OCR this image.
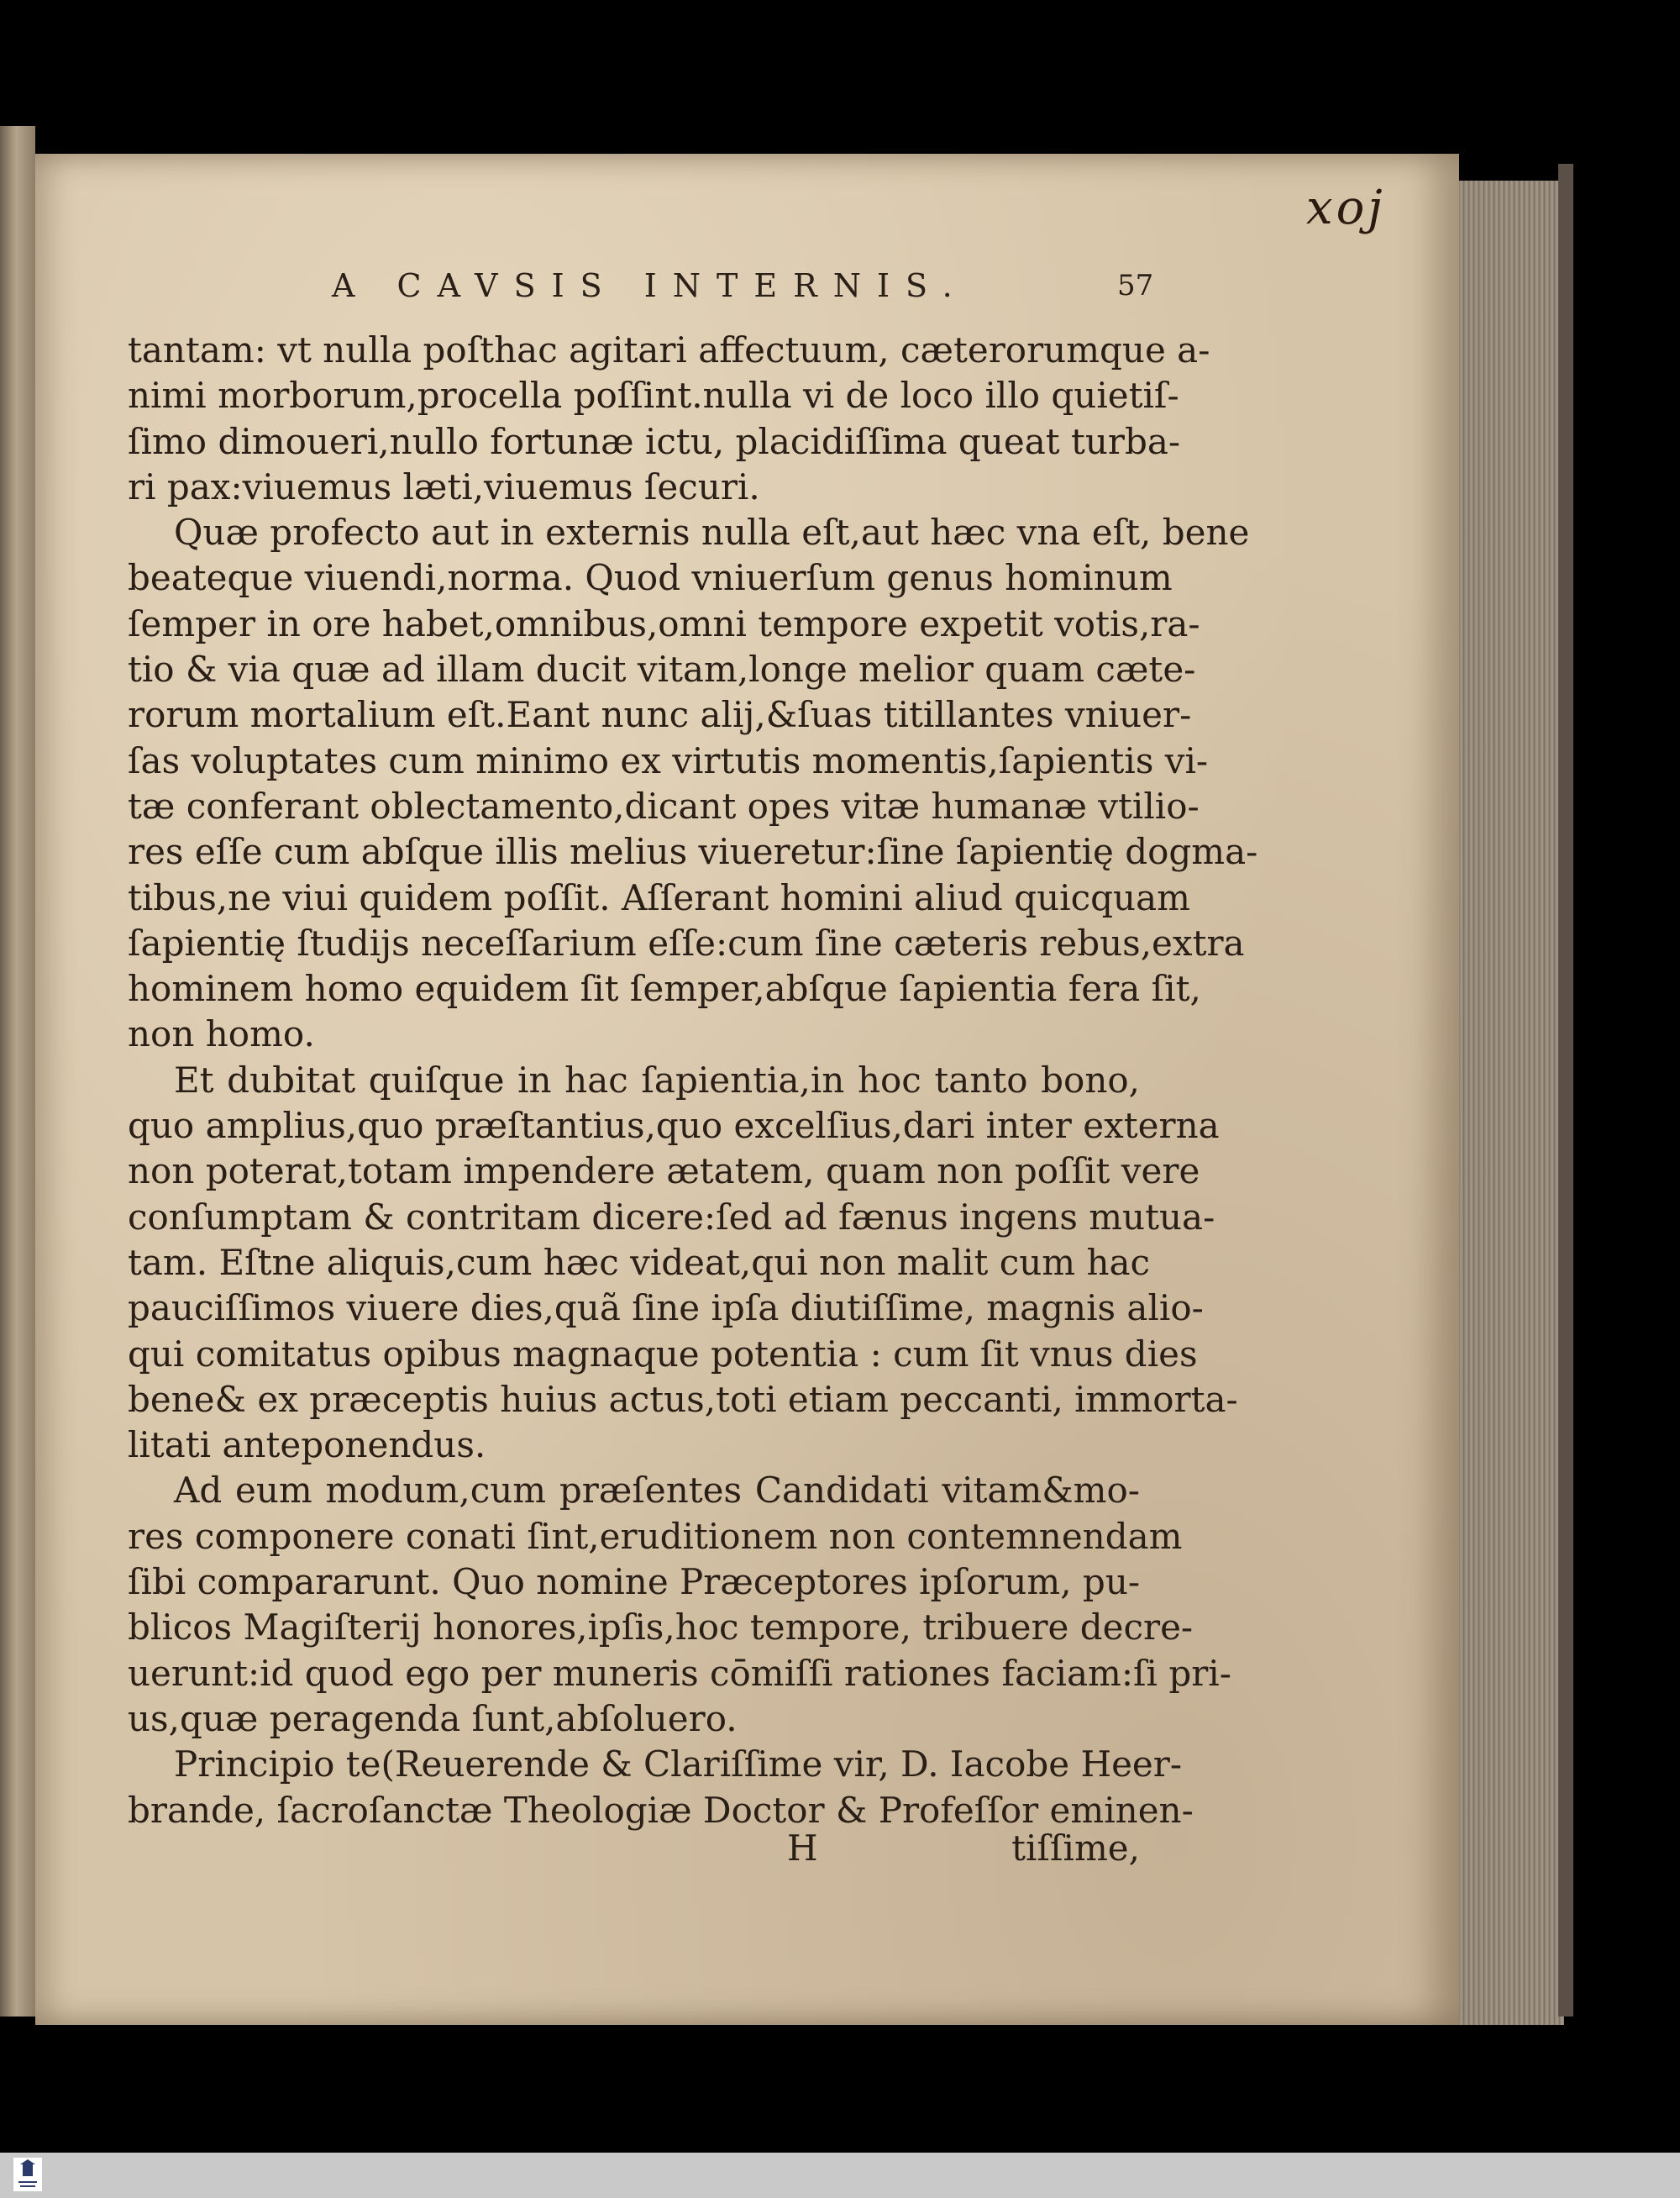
xoj
A CAVSIS INTERNIS.	57
tantam: vt nulla poſthac agitari affectuum, cæterorumque a-
nimi morborum,procella poſſint.nulla vi de loco illo quietiſ-
ſimo dimoueri,nullo fortunæ ictu, placidiſſima queat turba-
ri pax:viuemus læti,viuemus ſecuri.
Quæ profecto aut in externis nulla eſt,aut hæc vna eſt, bene
beateque viuendi,norma. Quod vniuerſum genus hominum
ſemper in ore habet,omnibus,omni tempore expetit votis,ra-
tio & via quæ ad illam ducit vitam,longe melior quam cæte-
rorum mortalium eſt.Eant nunc alij,&ſuas titillantes vniuer-
ſas voluptates cum minimo ex virtutis momentis,ſapientis vi-
tæ conferant oblectamento,dicant opes vitæ humanæ vtilio-
res eſſe cum abſque illis melius viueretur:ſine ſapientię dogma-
tibus,ne viui quidem poſſit. Aſſerant homini aliud quicquam
ſapientię ſtudijs neceſſarium eſſe:cum ſine cæteris rebus,extra
hominem homo equidem ſit ſemper,abſque ſapientia fera ſit,
non homo.
Et dubitat quiſque in hac ſapientia,in hoc tanto bono,
quo amplius,quo præſtantius,quo excelſius,dari inter externa
non poterat,totam impendere ætatem, quam non poſſit vere
conſumptam & contritam dicere:ſed ad fænus ingens mutua-
tam. Eſtne aliquis,cum hæc videat,qui non malit cum hac
pauciſſimos viuere dies,quã ſine ipſa diutiſſime, magnis alio-
qui comitatus opibus magnaque potentia : cum ſit vnus dies
bene& ex præceptis huius actus,toti etiam peccanti, immorta-
litati anteponendus.
Ad eum modum,cum præſentes Candidati vitam&mo-
res componere conati ſint,eruditionem non contemnendam
ſibi compararunt. Quo nomine Præceptores ipſorum, pu-
blicos Magiſterij honores,ipſis,hoc tempore, tribuere decre-
uerunt:id quod ego per muneris cōmiſſi rationes faciam:ſi pri-
us,quæ peragenda ſunt,abſoluero.
Principio te(Reuerende & Clariſſime vir, D. Iacobe Heer-
brande, ſacroſanctæ Theologiæ Doctor & Profeſſor eminen-
H	tiſſime,
